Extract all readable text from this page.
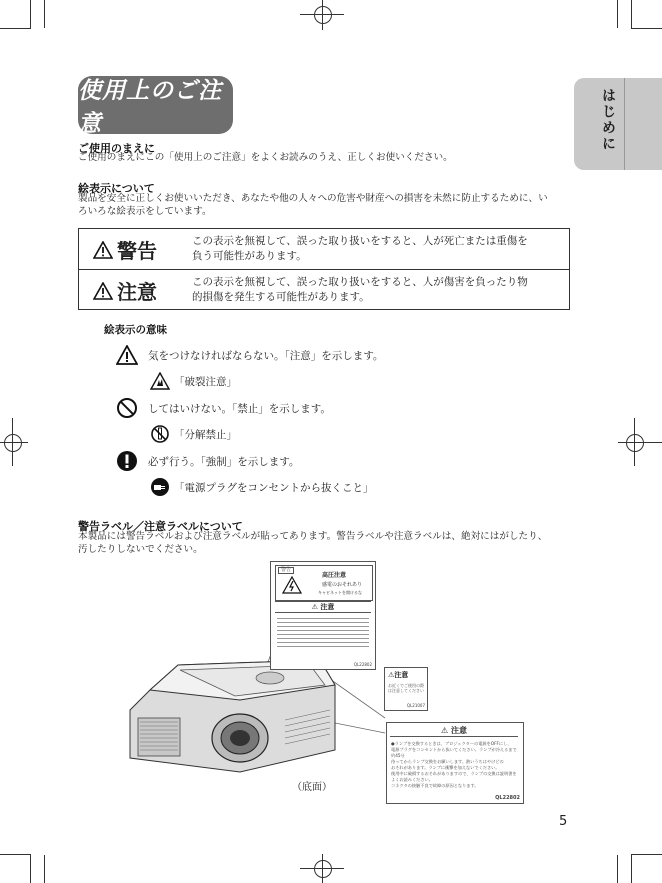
使用上のご注意	はじめに
ご使用のまえに
ご使用のまえにこの「使用上のご注意」をよくお読みのうえ、正しくお使いください。
絵表示について
製品を安全に正しくお使いいただき、あなたや他の人々への危害や財産への損害を未然に防止するために、い
ろいろな絵表示をしています。
警告	この表示を無視して、誤った取り扱いをすると、人が死亡または重傷を
負う可能性があります。
注意	この表示を無視して、誤った取り扱いをすると、人が傷害を負ったり物
的損傷を発生する可能性があります。
絵表示の意味
気をつけなければならない。「注意」を示します。
「破裂注意」
してはいけない。「禁止」を示します。
「分解禁止」
必ず行う。「強制」を示します。
「電源プラグをコンセントから抜くこと」
警告ラベル／注意ラベルについて
本製品には警告ラベルおよび注意ラベルが貼ってあります。警告ラベルや注意ラベルは、絶対にはがしたり、
汚したりしないでください。
警告
高圧注意
感電のおそれあり
キャビネットを開けるな
⚠ 注意
QL22802
⚠注意
お近くでご使用の際は注意してください
QL21007
⚠ 注意
●ランプを交換するときは、プロジェクターの電源をOFFにし、
電源プラグをコンセントから抜いてください。ランプが冷えるまで約45分
待ってからランプ交換をお願いします。熱いうちはやけどの
おそれがあります。ランプに衝撃を加えないでください。
使用中に破損するおそれがありますので、ランプの交換は説明書をよくお読みください。
コネクタの接触不良で故障の原因となります。
QL22802
（底面）
5
